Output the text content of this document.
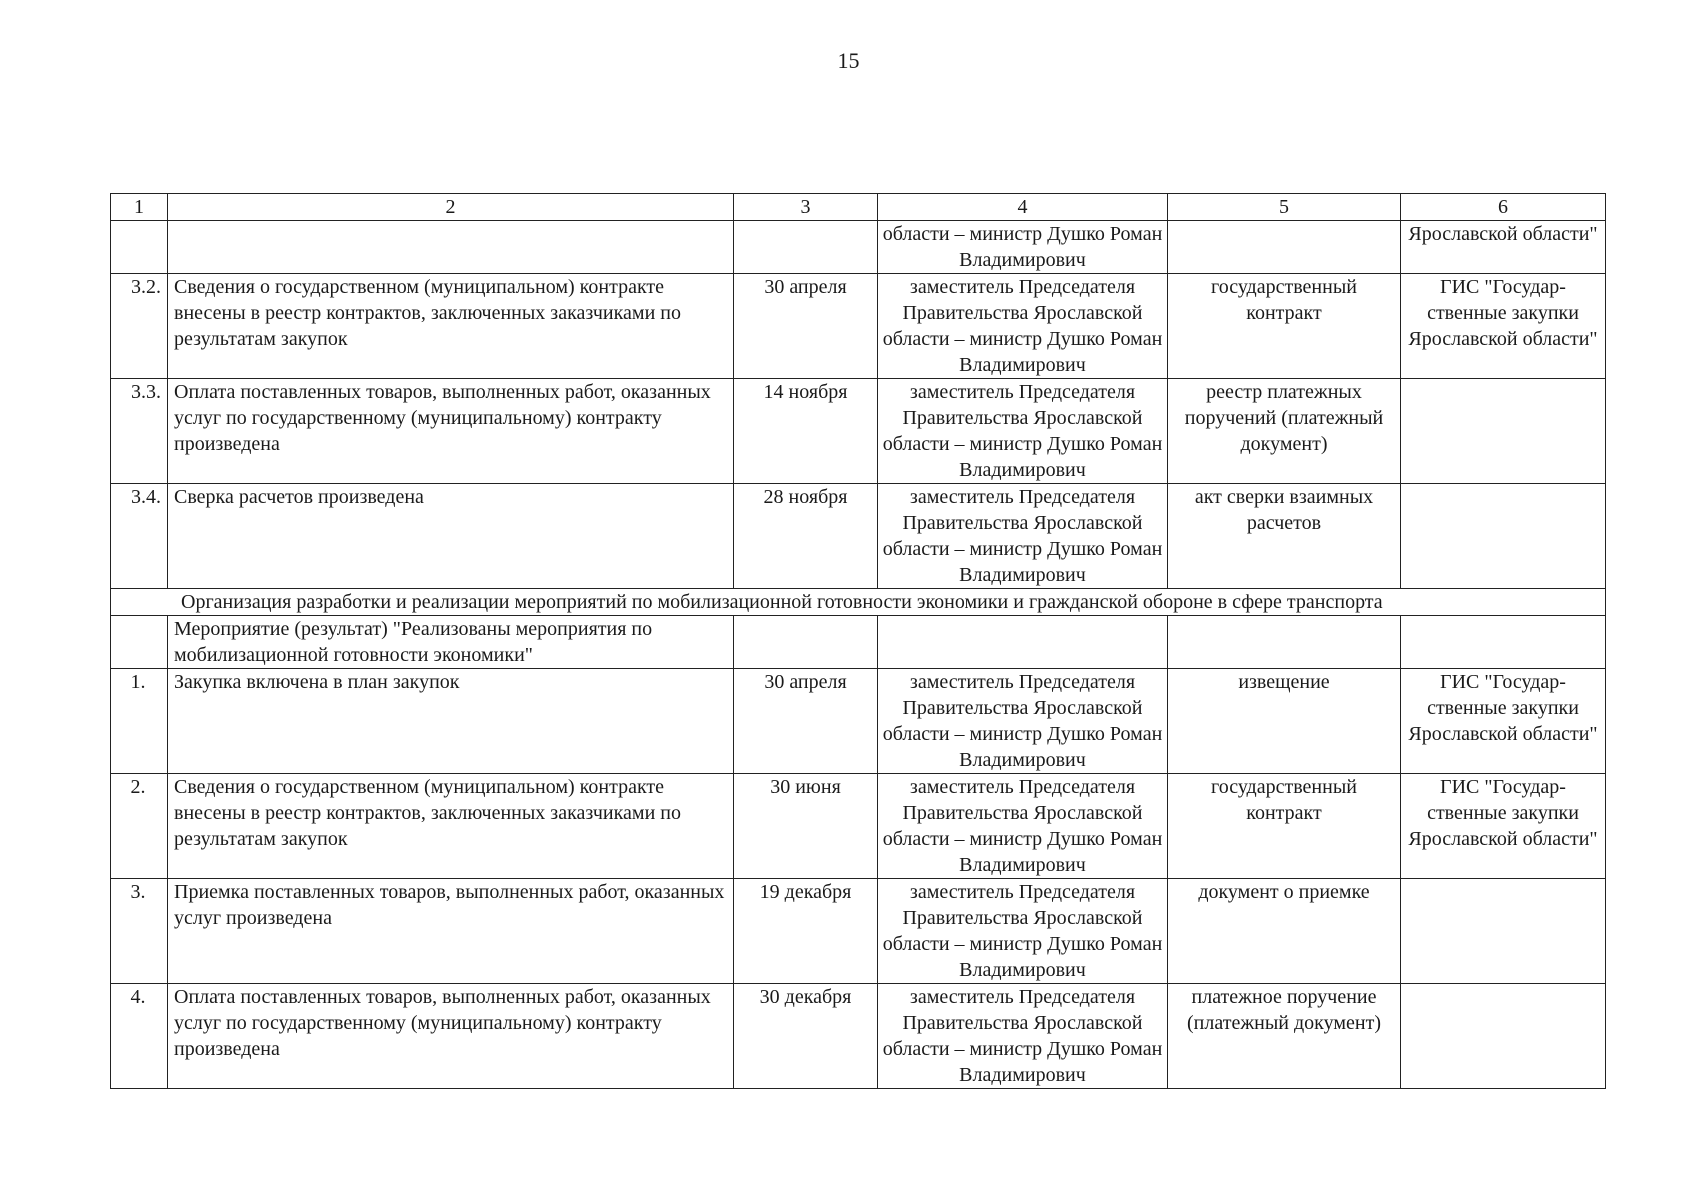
15
1	2	3	4	5	6
			области – министр Душко Роман Владимирович		Ярославской области"
3.2.	Сведения о государственном (муниципальном) контракте внесены в реестр контрактов, заключенных заказчиками по результатам закупок	30 апреля	заместитель Председателя Правительства Ярославской области – министр Душко Роман Владимирович	государственный контракт	ГИС "Государ-ственные закупки Ярославской области"
3.3.	Оплата поставленных товаров, выполненных работ, оказанных услуг по государственному (муниципальному) контракту произведена	14 ноября	заместитель Председателя Правительства Ярославской области – министр Душко Роман Владимирович	реестр платежных поручений (платежный документ)	
3.4.	Сверка расчетов произведена	28 ноября	заместитель Председателя Правительства Ярославской области – министр Душко Роман Владимирович	акт сверки взаимных расчетов	
Организация разработки и реализации мероприятий по мобилизационной готовности экономики и гражданской обороне в сфере транспорта					
	Мероприятие (результат) "Реализованы мероприятия по мобилизационной готовности экономики"				
1.	Закупка включена в план закупок	30 апреля	заместитель Председателя Правительства Ярославской области – министр Душко Роман Владимирович	извещение	ГИС "Государ-ственные закупки Ярославской области"
2.	Сведения о государственном (муниципальном) контракте внесены в реестр контрактов, заключенных заказчиками по результатам закупок	30 июня	заместитель Председателя Правительства Ярославской области – министр Душко Роман Владимирович	государственный контракт	ГИС "Государ-ственные закупки Ярославской области"
3.	Приемка поставленных товаров, выполненных работ, оказанных услуг произведена	19 декабря	заместитель Председателя Правительства Ярославской области – министр Душко Роман Владимирович	документ о приемке	
4.	Оплата поставленных товаров, выполненных работ, оказанных услуг по государственному (муниципальному) контракту произведена	30 декабря	заместитель Председателя Правительства Ярославской области – министр Душко Роман Владимирович	платежное поручение (платежный документ)	
